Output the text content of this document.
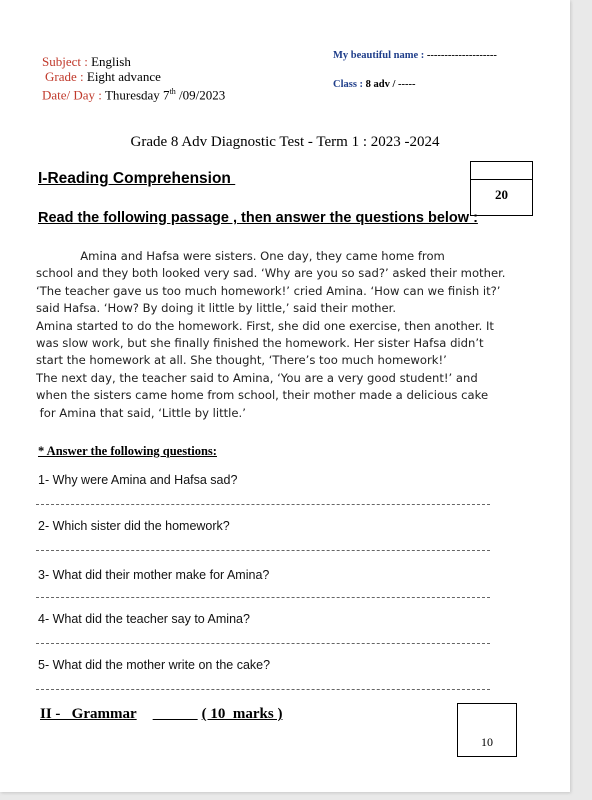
Subject : English
Grade : Eight advance
Date/ Day : Thuresday 7th /09/2023
My beautiful name : --------------------
Class : 8 adv / -----
Grade 8 Adv Diagnostic Test - Term 1 : 2023 -2024
I-Reading Comprehension
20
Read the following passage , then answer the questions below :
Amina and Hafsa were sisters. One day, they came home from
school and they both looked very sad. ‘Why are you so sad?’ asked their mother.
‘The teacher gave us too much homework!’ cried Amina. ‘How can we finish it?’
said Hafsa. ‘How? By doing it little by little,’ said their mother.
Amina started to do the homework. First, she did one exercise, then another. It
was slow work, but she finally finished the homework. Her sister Hafsa didn’t
start the homework at all. She thought, ‘There’s too much homework!’
The next day, the teacher said to Amina, ‘You are a very good student!’ and
when the sisters came home from school, their mother made a delicious cake
for Amina that said, ‘Little by little.’
* Answer the following questions:
1- Why were Amina and Hafsa sad?
2- Which sister did the homework?
3- What did their mother make for Amina?
4- What did the teacher say to Amina?
5- What did the mother write on the cake?
II -   Grammar	( 10  marks )
10
